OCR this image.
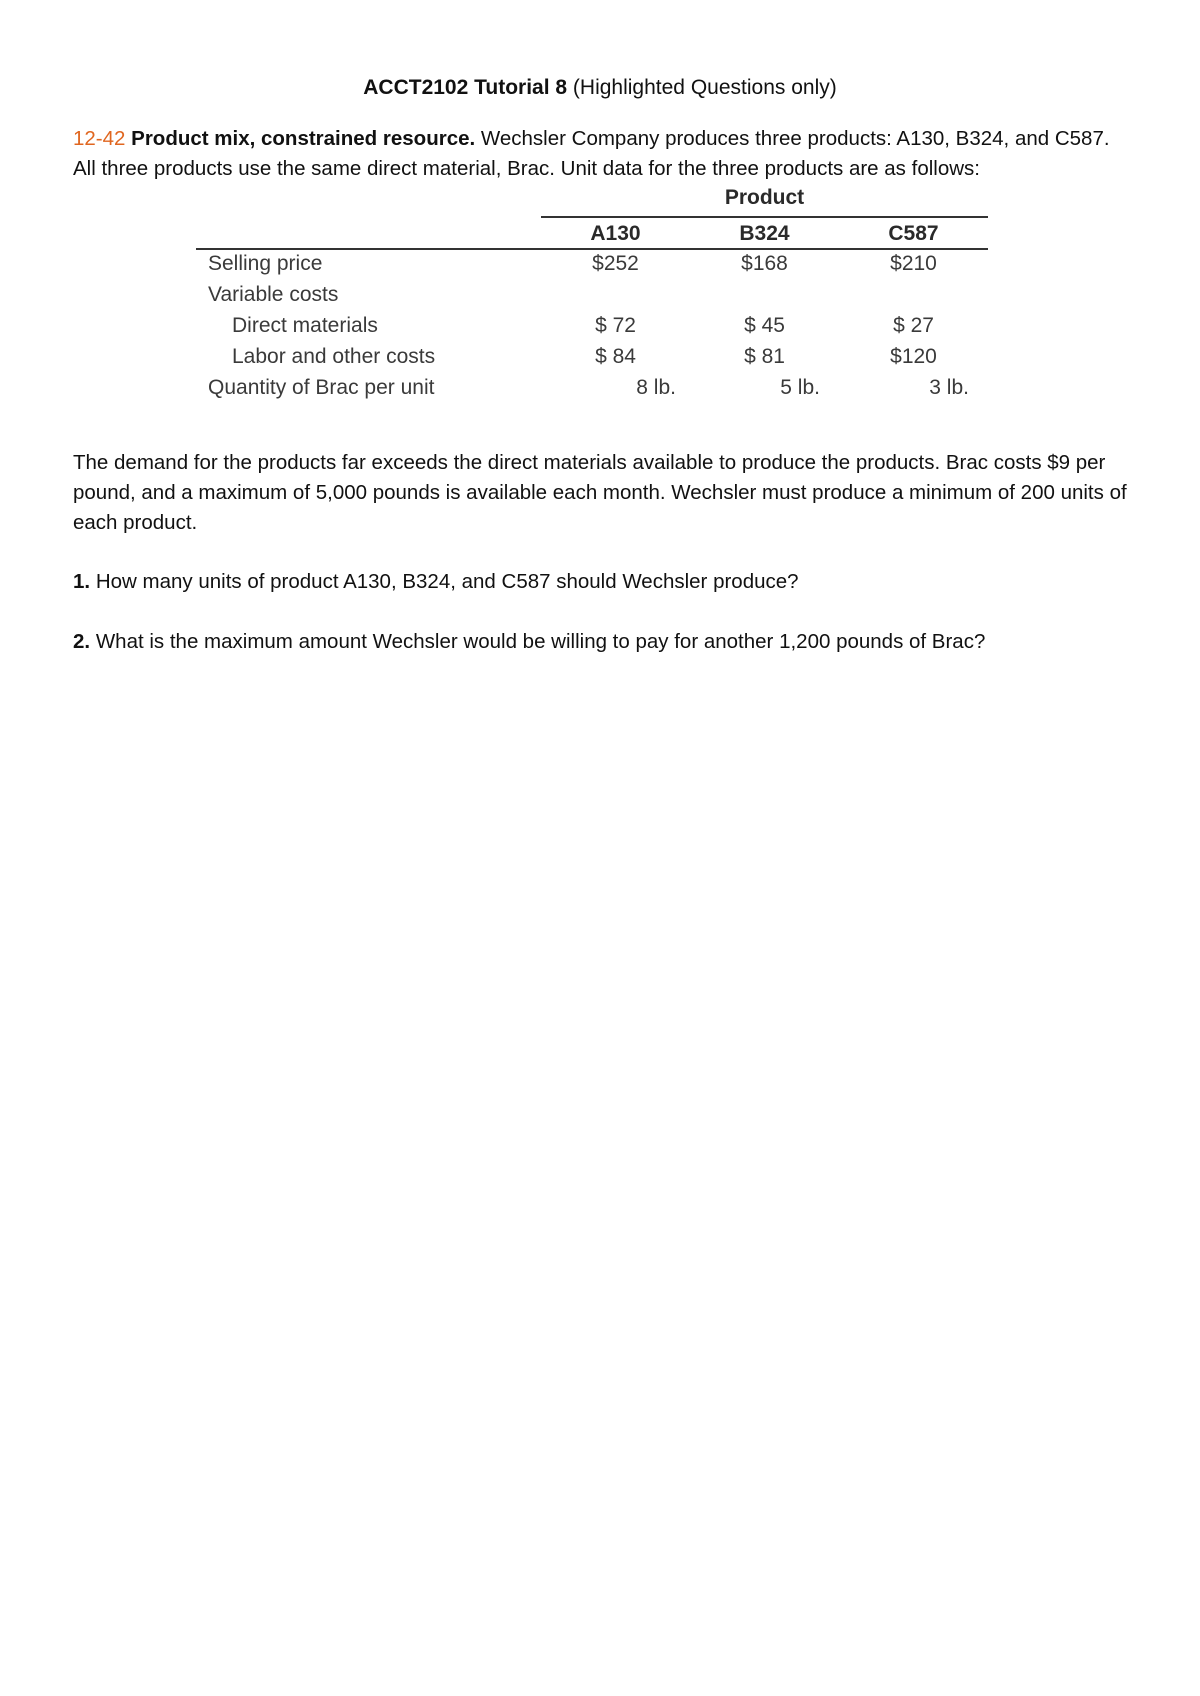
ACCT2102 Tutorial 8 (Highlighted Questions only)
12-42 Product mix, constrained resource. Wechsler Company produces three products: A130, B324, and C587. All three products use the same direct material, Brac. Unit data for the three products are as follows:
Product
A130	B324	C587
Selling price	$252	$168	$210
Variable costs
Direct materials	$ 72	$ 45	$ 27
Labor and other costs	$ 84	$ 81	$120
Quantity of Brac per unit	8 lb.	5 lb.	3 lb.
The demand for the products far exceeds the direct materials available to produce the products. Brac costs $9 per pound, and a maximum of 5,000 pounds is available each month. Wechsler must produce a minimum of 200 units of each product.
1. How many units of product A130, B324, and C587 should Wechsler produce?
2. What is the maximum amount Wechsler would be willing to pay for another 1,200 pounds of Brac?
